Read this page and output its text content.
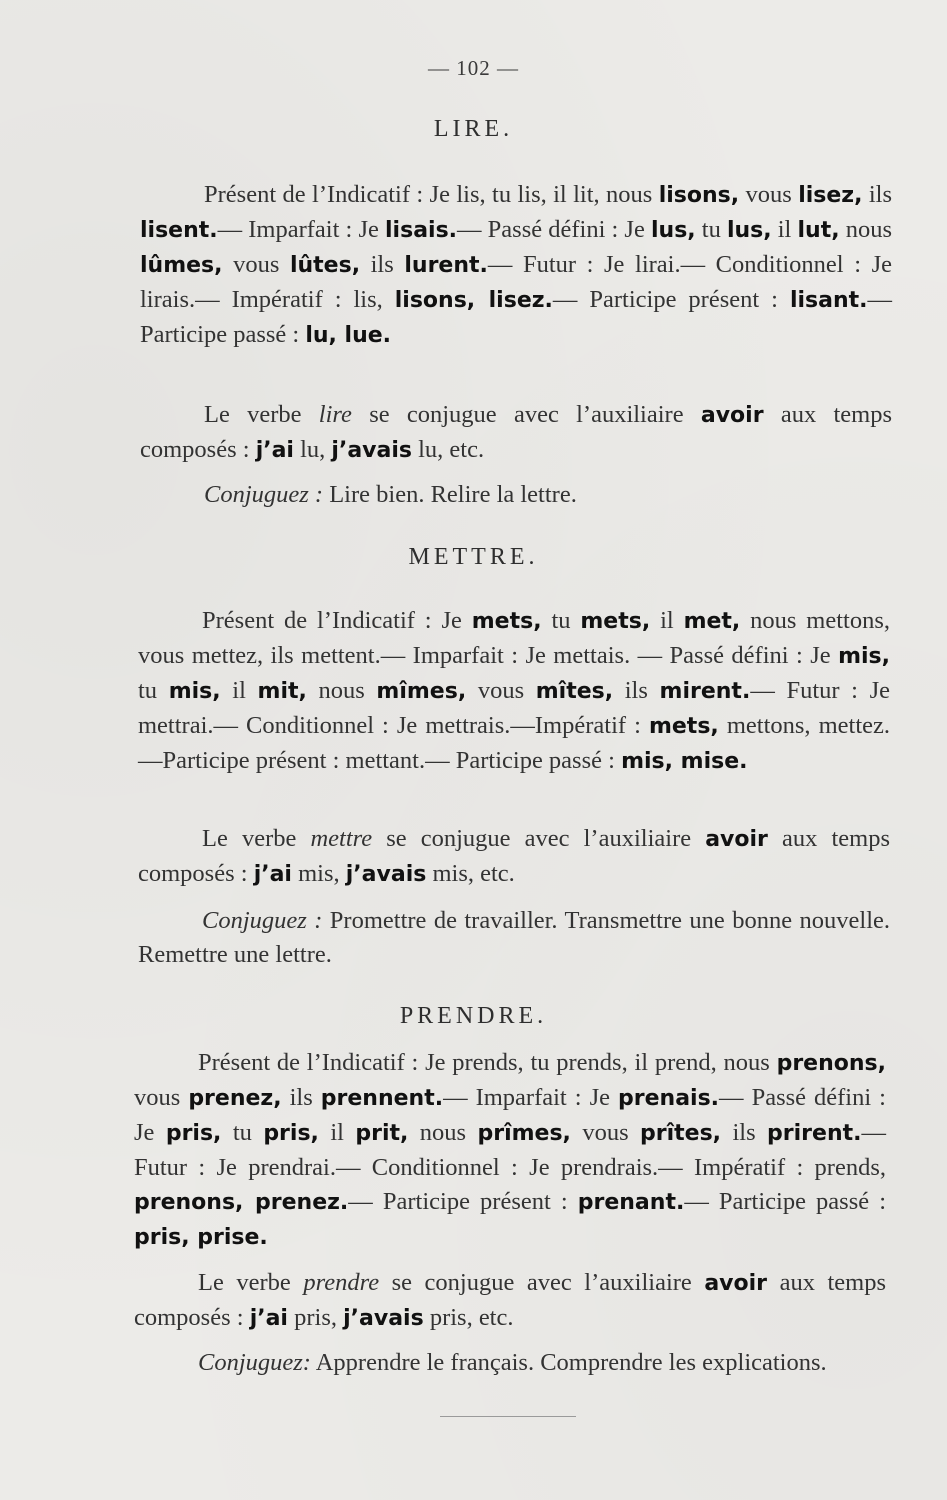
— 102 —
LIRE.
Présent de l’Indicatif : Je lis, tu lis, il lit, nous lisons, vous lisez, ils lisent.— Imparfait : Je lisais.— Passé défini : Je lus, tu lus, il lut, nous lûmes, vous lûtes, ils lurent.— Futur : Je lirai.— Conditionnel : Je lirais.— Impératif : lis, lisons, lisez.— Participe présent : lisant.— Participe passé : lu, lue.
Le verbe lire se conjugue avec l’auxiliaire avoir aux temps composés : j’ai lu, j’avais lu, etc.
Conjuguez : Lire bien. Relire la lettre.
METTRE.
Présent de l’Indicatif : Je mets, tu mets, il met, nous mettons, vous mettez, ils mettent.— Imparfait : Je mettais. — Passé défini : Je mis, tu mis, il mit, nous mîmes, vous mîtes, ils mirent.— Futur : Je mettrai.— Conditionnel : Je mettrais.—Impératif : mets, mettons, mettez.—Participe présent : mettant.— Participe passé : mis, mise.
Le verbe mettre se conjugue avec l’auxiliaire avoir aux temps composés : j’ai mis, j’avais mis, etc.
Conjuguez : Promettre de travailler. Transmettre une bonne nouvelle. Remettre une lettre.
PRENDRE.
Présent de l’Indicatif : Je prends, tu prends, il prend, nous prenons, vous prenez, ils prennent.— Imparfait : Je prenais.— Passé défini : Je pris, tu pris, il prit, nous prîmes, vous prîtes, ils prirent.— Futur : Je prendrai.— Conditionnel : Je prendrais.— Impératif : prends, prenons, prenez.— Participe présent : prenant.— Participe passé : pris, prise.
Le verbe prendre se conjugue avec l’auxiliaire avoir aux temps composés : j’ai pris, j’avais pris, etc.
Conjuguez: Apprendre le français. Comprendre les explications.
